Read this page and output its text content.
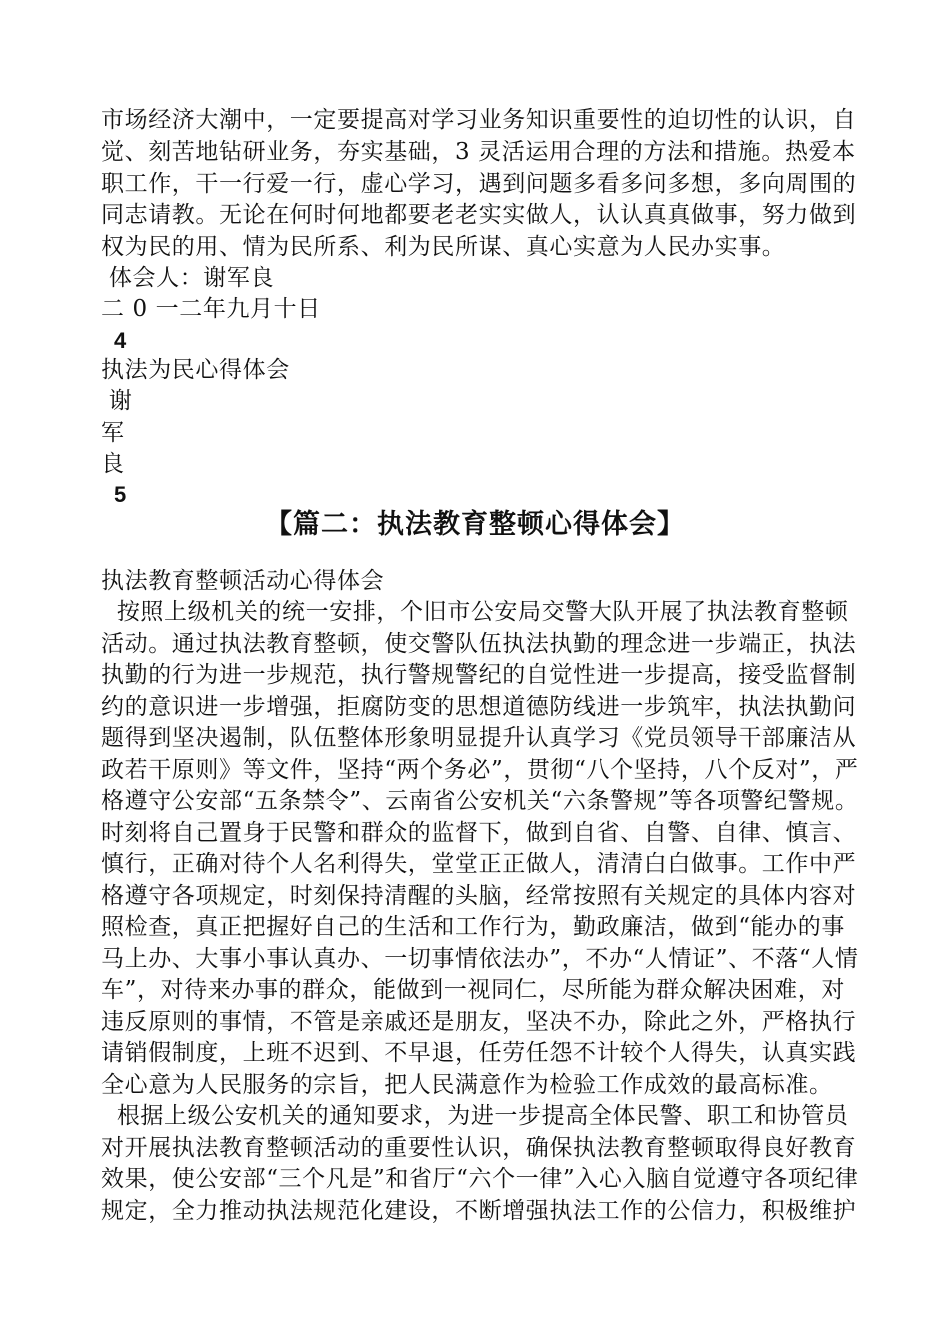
市场经济大潮中，一定要提高对学习业务知识重要性的迫切性的认识，自
觉、刻苦地钻研业务，夯实基础，3 灵活运用合理的方法和措施。热爱本
职工作，干一行爱一行，虚心学习，遇到问题多看多问多想，多向周围的
同志请教。无论在何时何地都要老老实实做人，认认真真做事，努力做到
权为民的用、情为民所系、利为民所谋、真心实意为人民办实事。
体会人：谢军良
二 0 一二年九月十日
4
执法为民心得体会
谢
军
良
5
【篇二：执法教育整顿心得体会】
执法教育整顿活动心得体会
按照上级机关的统一安排，个旧市公安局交警大队开展了执法教育整顿
活动。通过执法教育整顿，使交警队伍执法执勤的理念进一步端正，执法
执勤的行为进一步规范，执行警规警纪的自觉性进一步提高，接受监督制
约的意识进一步增强，拒腐防变的思想道德防线进一步筑牢，执法执勤问
题得到坚决遏制，队伍整体形象明显提升认真学习《党员领导干部廉洁从
政若干原则》等文件，坚持“两个务必”，贯彻“八个坚持，八个反对”，严
格遵守公安部“五条禁令”、云南省公安机关“六条警规”等各项警纪警规。
时刻将自己置身于民警和群众的监督下，做到自省、自警、自律、慎言、
慎行，正确对待个人名利得失，堂堂正正做人，清清白白做事。工作中严
格遵守各项规定，时刻保持清醒的头脑，经常按照有关规定的具体内容对
照检查，真正把握好自己的生活和工作行为，勤政廉洁，做到“能办的事
马上办、大事小事认真办、一切事情依法办”，不办“人情证”、不落“人情
车”，对待来办事的群众，能做到一视同仁，尽所能为群众解决困难，对
违反原则的事情，不管是亲戚还是朋友，坚决不办，除此之外，严格执行
请销假制度，上班不迟到、不早退，任劳任怨不计较个人得失，认真实践
全心意为人民服务的宗旨，把人民满意作为检验工作成效的最高标准。
根据上级公安机关的通知要求，为进一步提高全体民警、职工和协管员
对开展执法教育整顿活动的重要性认识，确保执法教育整顿取得良好教育
效果，使公安部“三个凡是”和省厅“六个一律”入心入脑自觉遵守各项纪律
规定，全力推动执法规范化建设，不断增强执法工作的公信力，积极维护
